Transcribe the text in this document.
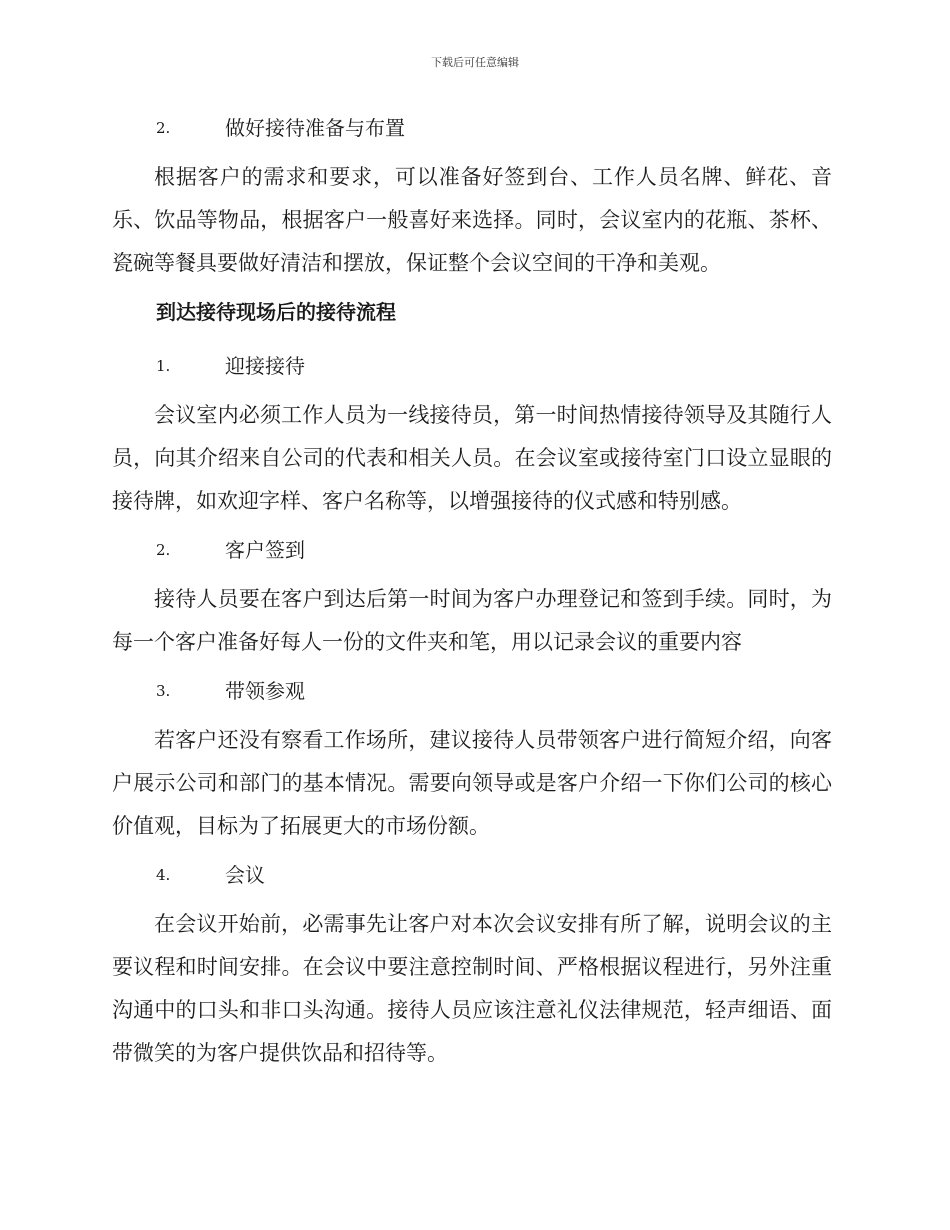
下载后可任意编辑
2.	做好接待准备与布置

根据客户的需求和要求，可以准备好签到台、工作人员名牌、鲜花、音乐、饮品等物品，根据客户一般喜好来选择。同时，会议室内的花瓶、茶杯、瓷碗等餐具要做好清洁和摆放，保证整个会议空间的干净和美观。

到达接待现场后的接待流程
1.	迎接接待

会议室内必须工作人员为一线接待员，第一时间热情接待领导及其随行人员，向其介绍来自公司的代表和相关人员。在会议室或接待室门口设立显眼的接待牌，如欢迎字样、客户名称等，以增强接待的仪式感和特别感。

2.	客户签到

接待人员要在客户到达后第一时间为客户办理登记和签到手续。同时，为每一个客户准备好每人一份的文件夹和笔，用以记录会议的重要内容

3.	带领参观

若客户还没有察看工作场所，建议接待人员带领客户进行简短介绍，向客户展示公司和部门的基本情况。需要向领导或是客户介绍一下你们公司的核心价值观，目标为了拓展更大的市场份额。

4.	会议

在会议开始前，必需事先让客户对本次会议安排有所了解，说明会议的主要议程和时间安排。在会议中要注意控制时间、严格根据议程进行，另外注重沟通中的口头和非口头沟通。接待人员应该注意礼仪法律规范，轻声细语、面带微笑的为客户提供饮品和招待等。
